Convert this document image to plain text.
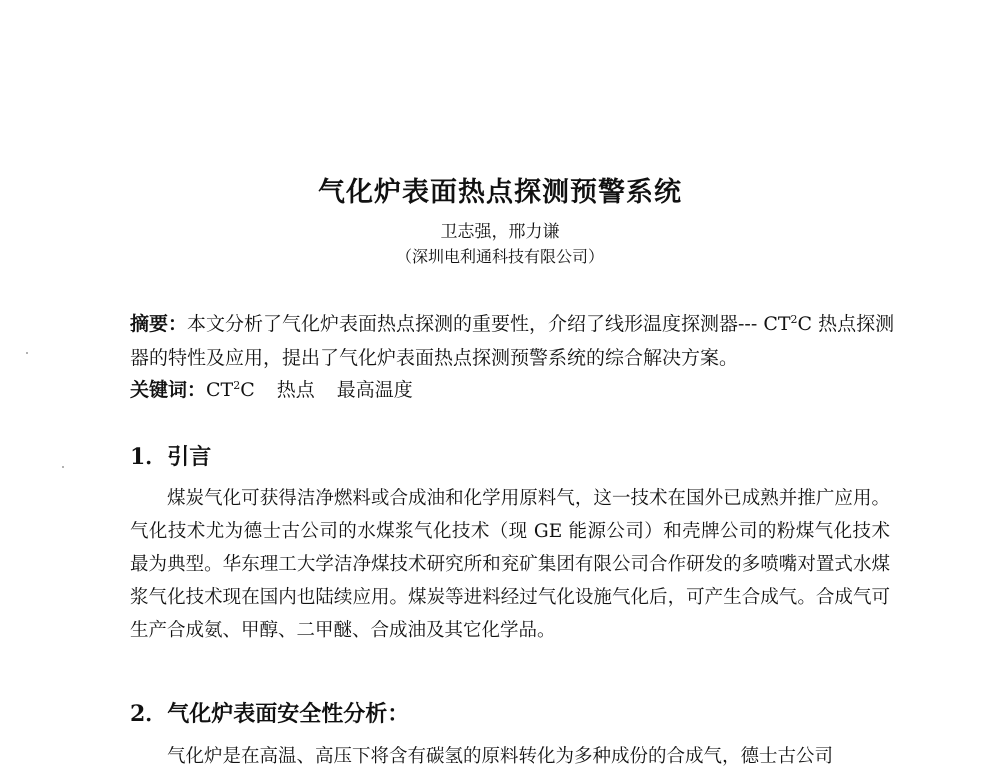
气化炉表面热点探测预警系统
卫志强，邢力谦
（深圳电利通科技有限公司）
摘要：本文分析了气化炉表面热点探测的重要性，介绍了线形温度探测器--- $CT^2C$ 热点探测器的特性及应用，提出了气化炉表面热点探测预警系统的综合解决方案。
关键词：$CT^2C$ 热点 最高温度
1．引言
煤炭气化可获得洁净燃料或合成油和化学用原料气，这一技术在国外已成熟并推广应用。气化技术尤为德士古公司的水煤浆气化技术（现 GE 能源公司）和壳牌公司的粉煤气化技术最为典型。华东理工大学洁净煤技术研究所和兖矿集团有限公司合作研发的多喷嘴对置式水煤浆气化技术现在国内也陆续应用。煤炭等进料经过气化设施气化后，可产生合成气。合成气可生产合成氨、甲醇、二甲醚、合成油及其它化学品。
2．气化炉表面安全性分析：
气化炉是在高温、高压下将含有碳氢的原料转化为多种成份的合成气，德士古公司
